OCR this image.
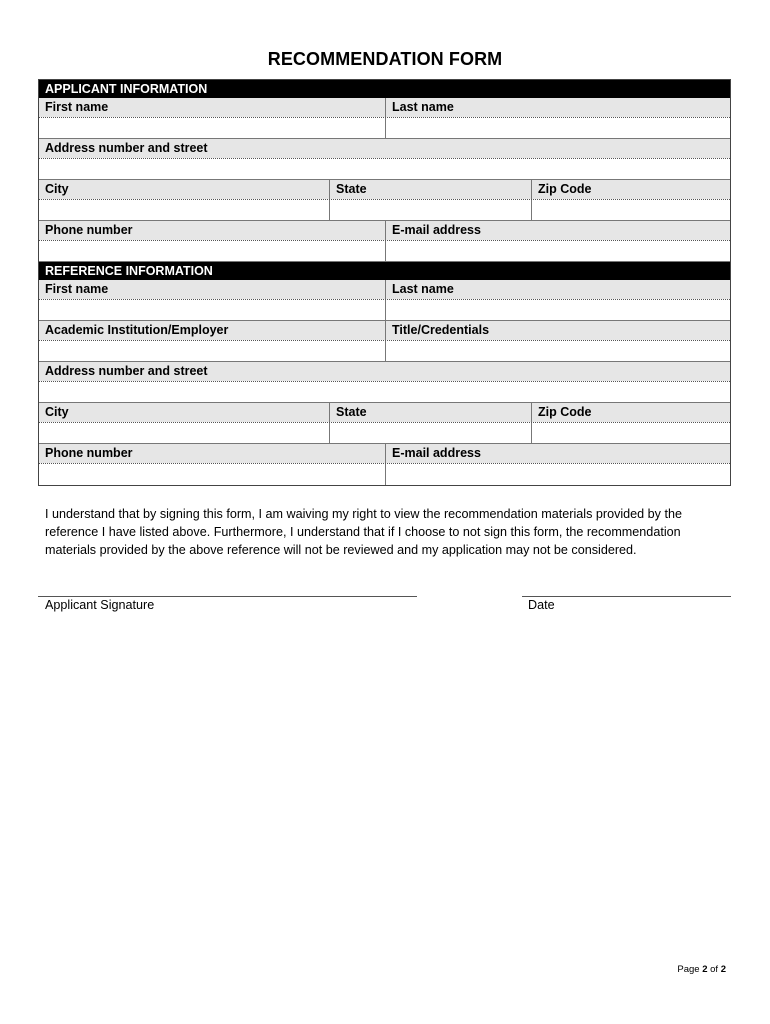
RECOMMENDATION FORM
APPLICANT INFORMATION
First name	Last name
Address number and street
City	State	Zip Code
Phone number	E-mail address
REFERENCE INFORMATION
First name	Last name
Academic Institution/Employer	Title/Credentials
Address number and street
City	State	Zip Code
Phone number	E-mail address
I understand that by signing this form, I am waiving my right to view the recommendation materials provided by the reference I have listed above. Furthermore, I understand that if I choose to not sign this form, the recommendation materials provided by the above reference will not be reviewed and my application may not be considered.
Applicant Signature	Date
Page 2 of 2
